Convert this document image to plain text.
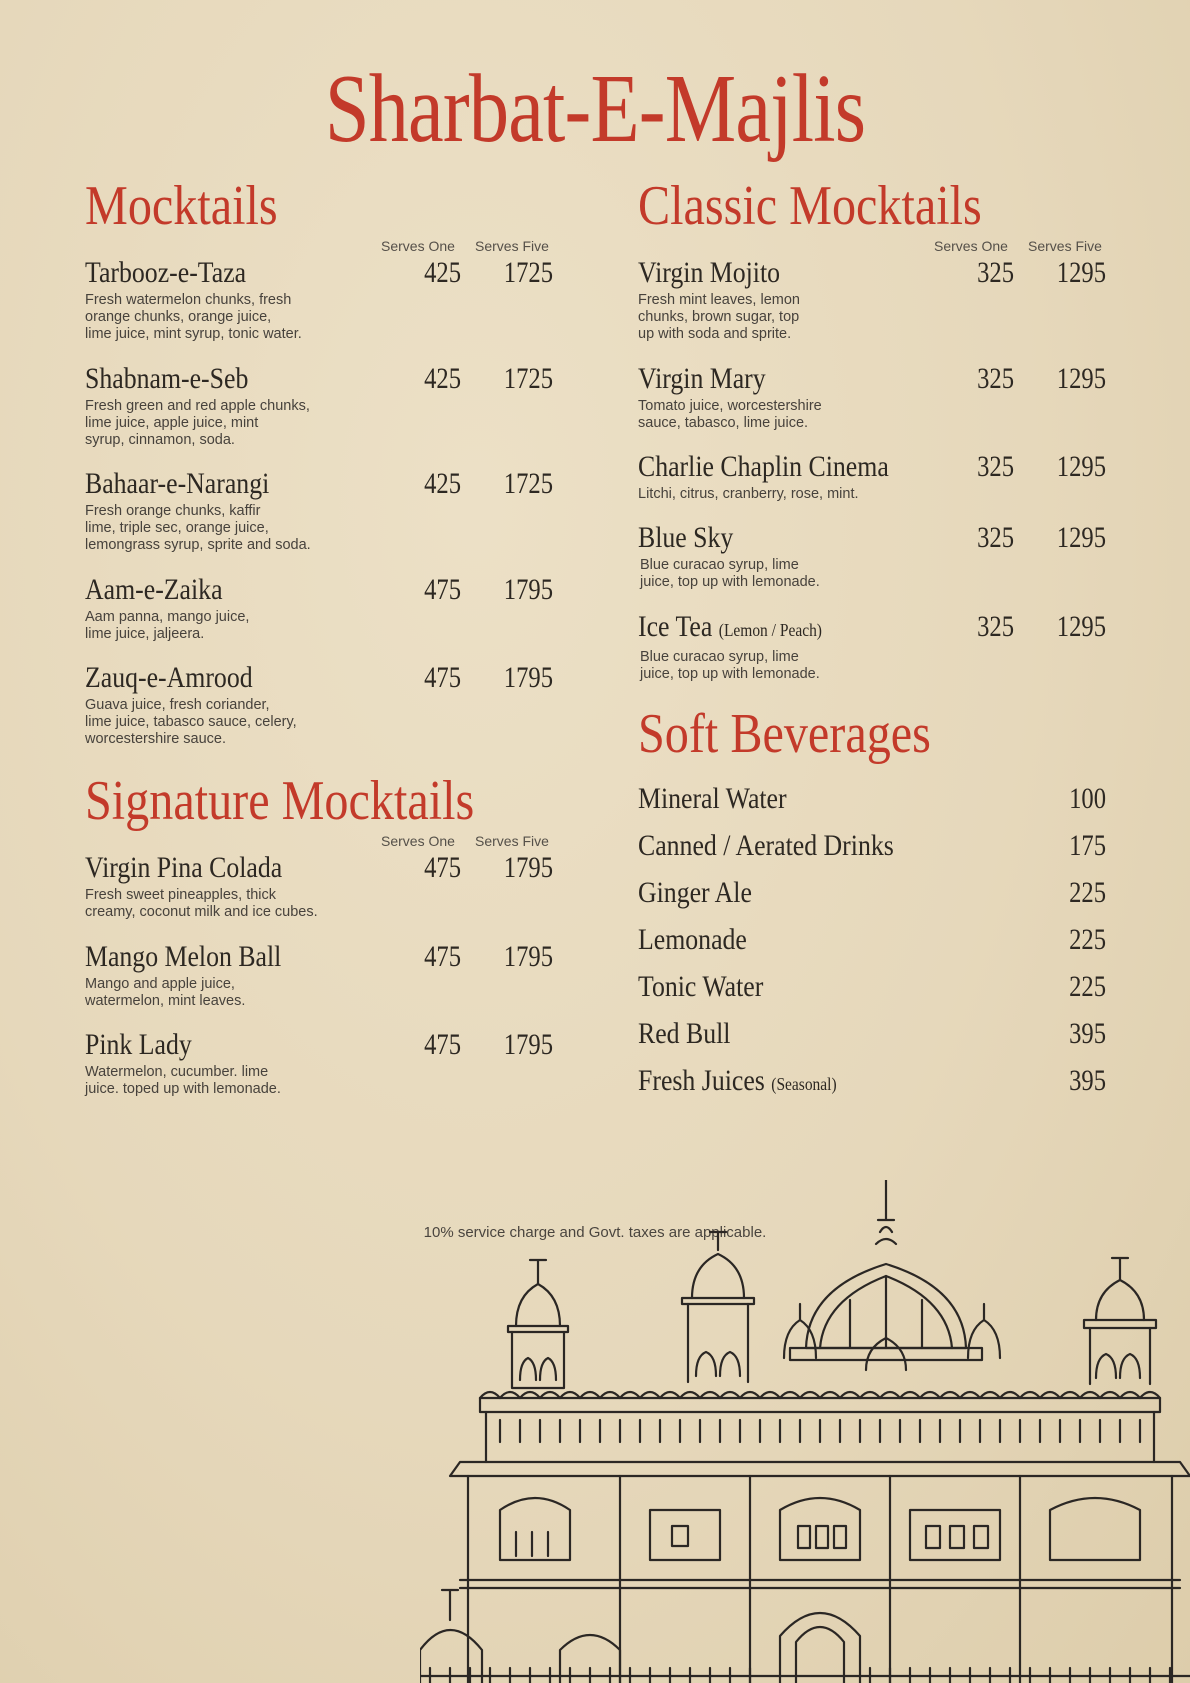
Sharbat-E-Majlis
Mocktails
Serves One Serves Five
Tarbooz-e-Taza	425 1725
Fresh watermelon chunks, fresh
orange chunks, orange juice,
lime juice, mint syrup, tonic water.
Shabnam-e-Seb	425 1725
Fresh green and red apple chunks,
lime juice, apple juice, mint
syrup, cinnamon, soda.
Bahaar-e-Narangi	425 1725
Fresh orange chunks, kaffir
lime, triple sec, orange juice,
lemongrass syrup, sprite and soda.
Aam-e-Zaika	475 1795
Aam panna, mango juice,
lime juice, jaljeera.
Zauq-e-Amrood	475 1795
Guava juice, fresh coriander,
lime juice, tabasco sauce, celery,
worcestershire sauce.
Signature Mocktails
Serves One Serves Five
Virgin Pina Colada	475 1795
Fresh sweet pineapples, thick
creamy, coconut milk and ice cubes.
Mango Melon Ball	475 1795
Mango and apple juice,
watermelon, mint leaves.
Pink Lady	475 1795
Watermelon, cucumber. lime
juice. toped up with lemonade.
Classic Mocktails
Serves One Serves Five
Virgin Mojito	325 1295
Fresh mint leaves, lemon
chunks, brown sugar, top
up with soda and sprite.
Virgin Mary	325 1295
Tomato juice, worcestershire
sauce, tabasco, lime juice.
Charlie Chaplin Cinema	325 1295
Litchi, citrus, cranberry, rose, mint.
Blue Sky	325 1295
Blue curacao syrup, lime
juice, top up with lemonade.
Ice Tea (Lemon / Peach)	325 1295
Blue curacao syrup, lime
juice, top up with lemonade.
Soft Beverages
Mineral Water	100
Canned / Aerated Drinks	175
Ginger Ale	225
Lemonade	225
Tonic Water	225
Red Bull	395
Fresh Juices (Seasonal)	395
10% service charge and Govt. taxes are applicable.
